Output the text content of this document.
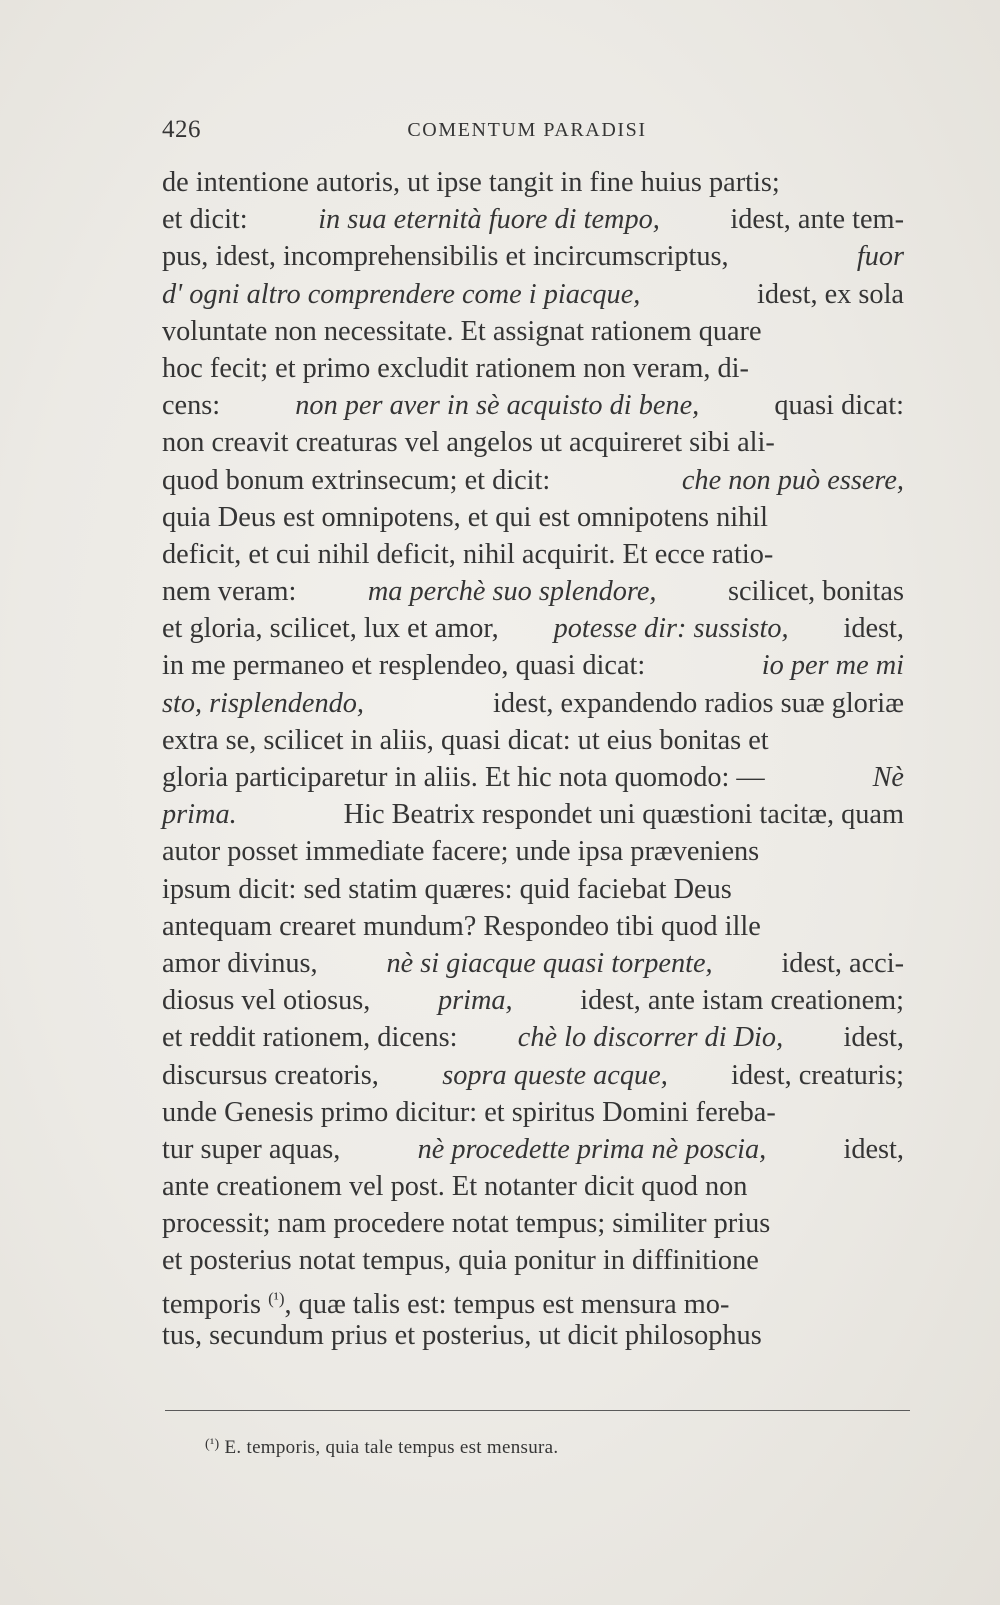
426	COMENTUM PARADISI
de intentione autoris, ut ipse tangit in fine huius partis;
et dicit: in sua eternità fuore di tempo, idest, ante tem-
pus, idest, incomprehensibilis et incircumscriptus,	fuor
d' ogni altro comprendere come i piacque,	idest, ex sola
voluntate non necessitate. Et assignat rationem quare
hoc fecit; et primo excludit rationem non veram, di-
cens:	non per aver in sè acquisto di bene,	quasi dicat:
non creavit creaturas vel angelos ut acquireret sibi ali-
quod bonum extrinsecum; et dicit:	che non può essere,
quia Deus est omnipotens, et qui est omnipotens nihil
deficit, et cui nihil deficit, nihil acquirit. Et ecce ratio-
nem veram:	ma perchè suo splendore,	scilicet, bonitas
et gloria, scilicet, lux et amor, potesse dir: sussisto, idest,
in me permaneo et resplendeo, quasi dicat:	io per me mi
sto, risplendendo,	idest, expandendo radios suæ gloriæ
extra se, scilicet in aliis, quasi dicat: ut eius bonitas et
gloria participaretur in aliis. Et hic nota quomodo: —	Nè
prima.	Hic Beatrix respondet uni quæstioni tacitæ, quam
autor posset immediate facere; unde ipsa præveniens
ipsum dicit: sed statim quæres: quid faciebat Deus
antequam crearet mundum? Respondeo tibi quod ille
amor divinus, nè si giacque quasi torpente, idest, acci-
diosus vel otiosus, prima, idest, ante istam creationem;
et reddit rationem, dicens: chè lo discorrer di Dio, idest,
discursus creatoris, sopra queste acque, idest, creaturis;
unde Genesis primo dicitur: et spiritus Domini fereba-
tur super aquas,	nè procedette prima nè poscia,	idest,
ante creationem vel post. Et notanter dicit quod non
processit; nam procedere notat tempus; similiter prius
et posterius notat tempus, quia ponitur in diffinitione
temporis (¹), quæ talis est: tempus est mensura mo-
tus, secundum prius et posterius, ut dicit philosophus
$^{(^1)}$ E. temporis, quia tale tempus est mensura.
